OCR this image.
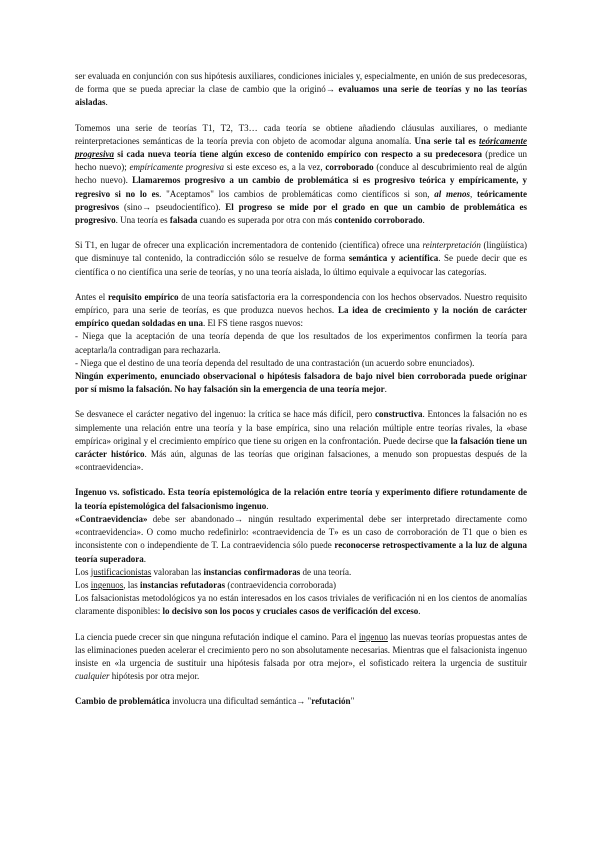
ser evaluada en conjunción con sus hipótesis auxiliares, condiciones iniciales y, especialmente, en unión de sus predecesoras, de forma que se pueda apreciar la clase de cambio que la originó→ evaluamos una serie de teorías y no las teorías aisladas.

Tomemos una serie de teorías T1, T2, T3… cada teoría se obtiene añadiendo cláusulas auxiliares, o mediante reinterpretaciones semánticas de la teoría previa con objeto de acomodar alguna anomalía. Una serie tal es teóricamente progresiva si cada nueva teoría tiene algún exceso de contenido empírico con respecto a su predecesora (predice un hecho nuevo); empíricamente progresiva si este exceso es, a la vez, corroborado (conduce al descubrimiento real de algún hecho nuevo). Llamaremos progresivo a un cambio de problemática si es progresivo teórica y empíricamente, y regresivo si no lo es. "Aceptamos" los cambios de problemáticas como científicos si son, al menos, teóricamente progresivos (sino→ pseudocientífico). El progreso se mide por el grado en que un cambio de problemática es progresivo. Una teoría es falsada cuando es superada por otra con más contenido corroborado.

Si T1, en lugar de ofrecer una explicación incrementadora de contenido (científica) ofrece una reinterpretación (lingüística) que disminuye tal contenido, la contradicción sólo se resuelve de forma semántica y acientífica. Se puede decir que es científica o no científica una serie de teorías, y no una teoría aislada, lo último equivale a equivocar las categorías.

Antes el requisito empírico de una teoría satisfactoria era la correspondencia con los hechos observados. Nuestro requisito empírico, para una serie de teorías, es que produzca nuevos hechos. La idea de crecimiento y la noción de carácter empírico quedan soldadas en una. El FS tiene rasgos nuevos:
- Niega que la aceptación de una teoría dependa de que los resultados de los experimentos confirmen la teoría para aceptarla/la contradigan para rechazarla.
- Niega que el destino de una teoría dependa del resultado de una contrastación (un acuerdo sobre enunciados).
Ningún experimento, enunciado observacional o hipótesis falsadora de bajo nivel bien corroborada puede originar por sí mismo la falsación. No hay falsación sin la emergencia de una teoría mejor.

Se desvanece el carácter negativo del ingenuo: la crítica se hace más difícil, pero constructiva. Entonces la falsación no es simplemente una relación entre una teoría y la base empírica, sino una relación múltiple entre teorías rivales, la «base empírica» original y el crecimiento empírico que tiene su origen en la confrontación. Puede decirse que la falsación tiene un carácter histórico. Más aún, algunas de las teorías que originan falsaciones, a menudo son propuestas después de la «contraevidencia».

Ingenuo vs. sofisticado. Esta teoría epistemológica de la relación entre teoría y experimento difiere rotundamente de la teoría epistemológica del falsacionismo ingenuo.
«Contraevidencia» debe ser abandonado→ ningún resultado experimental debe ser interpretado directamente como «contraevidencia». O como mucho redefinirlo: «contraevidencia de T» es un caso de corroboración de T1 que o bien es inconsistente con o independiente de T. La contraevidencia sólo puede reconocerse retrospectivamente a la luz de alguna teoría superadora.
Los justificacionistas valoraban las instancias confirmadoras de una teoría.
Los ingenuos, las instancias refutadoras (contraevidencia corroborada)
Los falsacionistas metodológicos ya no están interesados en los casos triviales de verificación ni en los cientos de anomalías claramente disponibles: lo decisivo son los pocos y cruciales casos de verificación del exceso.

La ciencia puede crecer sin que ninguna refutación indique el camino. Para el ingenuo las nuevas teorías propuestas antes de las eliminaciones pueden acelerar el crecimiento pero no son absolutamente necesarias. Mientras que el falsacionista ingenuo insiste en «la urgencia de sustituir una hipótesis falsada por otra mejor», el sofisticado reitera la urgencia de sustituir cualquier hipótesis por otra mejor.

Cambio de problemática involucra una dificultad semántica→ "refutación"
